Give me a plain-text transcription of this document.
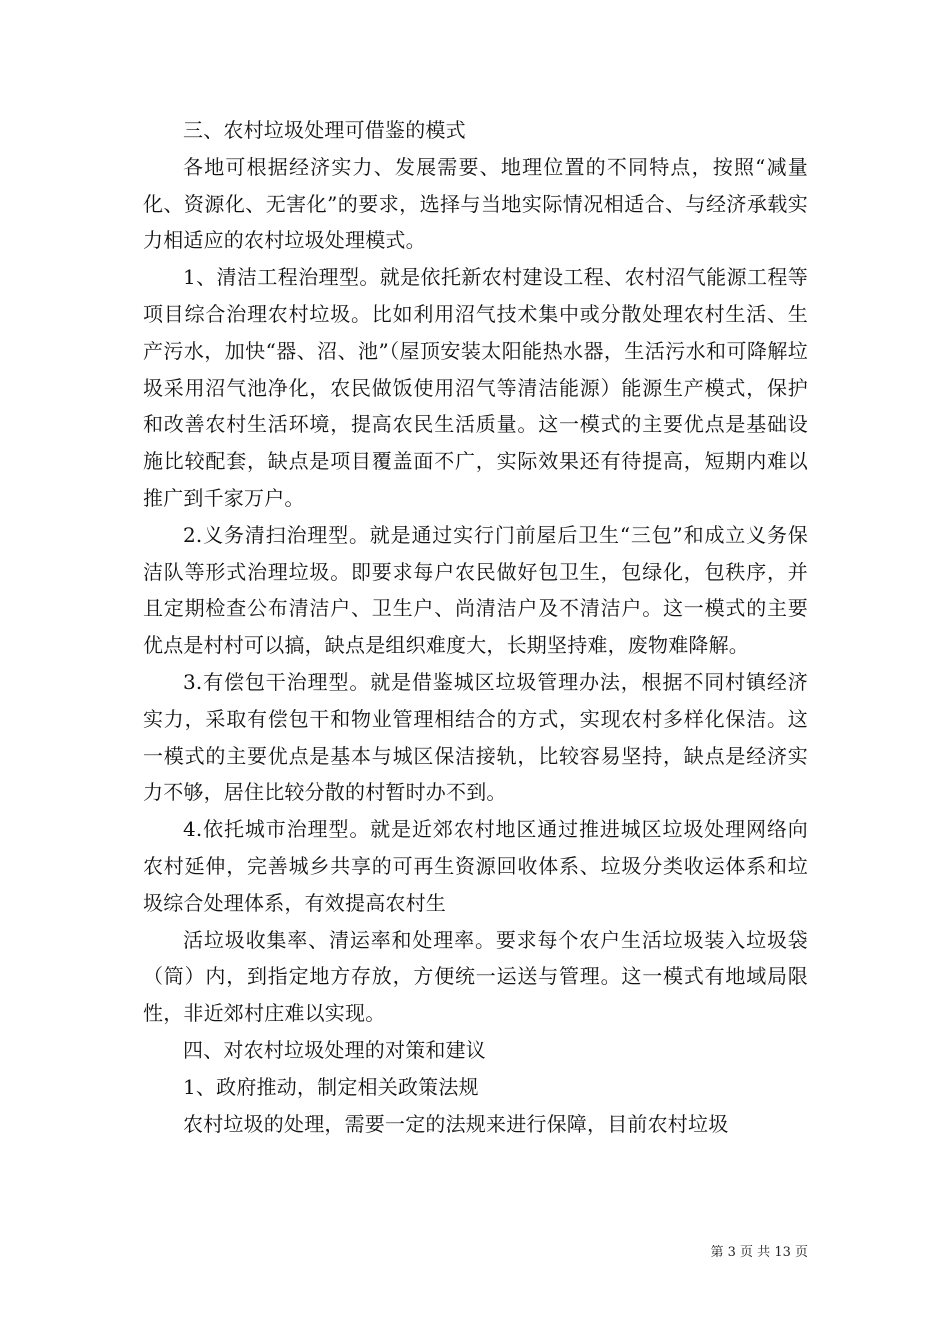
三、农村垃圾处理可借鉴的模式

各地可根据经济实力、发展需要、地理位置的不同特点，按照“减量化、资源化、无害化”的要求，选择与当地实际情况相适合、与经济承载实力相适应的农村垃圾处理模式。

1、清洁工程治理型。就是依托新农村建设工程、农村沼气能源工程等项目综合治理农村垃圾。比如利用沼气技术集中或分散处理农村生活、生产污水，加快“器、沼、池”（屋顶安装太阳能热水器，生活污水和可降解垃圾采用沼气池净化，农民做饭使用沼气等清洁能源）能源生产模式，保护和改善农村生活环境，提高农民生活质量。这一模式的主要优点是基础设施比较配套，缺点是项目覆盖面不广，实际效果还有待提高，短期内难以推广到千家万户。

2.义务清扫治理型。就是通过实行门前屋后卫生“三包”和成立义务保洁队等形式治理垃圾。即要求每户农民做好包卫生，包绿化，包秩序，并且定期检查公布清洁户、卫生户、尚清洁户及不清洁户。这一模式的主要优点是村村可以搞，缺点是组织难度大，长期坚持难，废物难降解。

3.有偿包干治理型。就是借鉴城区垃圾管理办法，根据不同村镇经济实力，采取有偿包干和物业管理相结合的方式，实现农村多样化保洁。这一模式的主要优点是基本与城区保洁接轨，比较容易坚持，缺点是经济实力不够，居住比较分散的村暂时办不到。

4.依托城市治理型。就是近郊农村地区通过推进城区垃圾处理网络向农村延伸，完善城乡共享的可再生资源回收体系、垃圾分类收运体系和垃圾综合处理体系，有效提高农村生

活垃圾收集率、清运率和处理率。要求每个农户生活垃圾装入垃圾袋（筒）内，到指定地方存放，方便统一运送与管理。这一模式有地域局限性，非近郊村庄难以实现。

四、对农村垃圾处理的对策和建议

1、政府推动，制定相关政策法规

农村垃圾的处理，需要一定的法规来进行保障，目前农村垃圾

第 3 页 共 13 页
